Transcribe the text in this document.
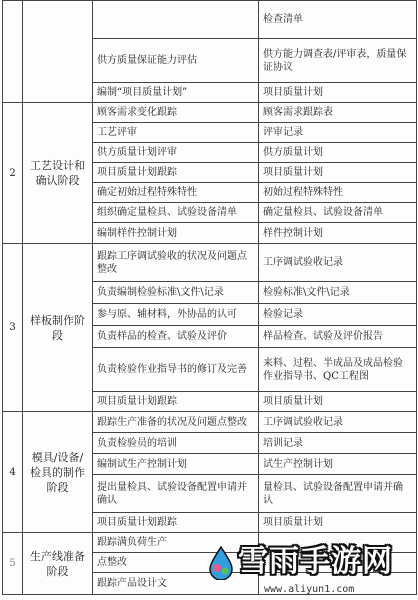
			检查清单
		供方质量保证能力评估	供方能力调查表/评审表，质量保证协议
		编制“项目质量计划”	项目质量计划
2	工艺设计和确认阶段	顾客需求变化跟踪	顾客需求跟踪表
		工艺评审	评审记录
		供方质量计划评审	供方质量计划
		项目质量计划跟踪	项目质量计划
		确定初始过程特殊特性	初始过程特殊特性
		组织确定量检具、试验设备清单	确定量检具、试验设备清单
		编制样件控制计划	样件控制计划
3	样板制作阶段	跟踪工序调试验收的状况及问题点整改	工序调试验收记录
		负责编制检验标准\文件\记录	检验标准\文件\记录
		参与原、辅材料，外协品的认可	检验记录
		负责样品的检查、试验及评价	样品检查、试验及评价报告
		负责检验作业指导书的修订及完善	来料、过程、半成品及成品检验作业指导书、QC工程图
		项目质量计划跟踪	项目质量计划
4	模具/设备/检具的制作阶段	跟踪生产准备的状况及问题点整改	工序调试验收记录
		负责检验员的培训	培训记录
		编制试生产控制计划	试生产控制计划
		提出量检具、试验设备配置申请并确认	量检具、试验设备配置申请并确认
		项目质量计划跟踪	项目质量计划
5	生产线准备阶段	跟踪满负荷生产	
		点整改	
		跟踪产品设计文	
雪雨手游网
www.aliyun1.com
